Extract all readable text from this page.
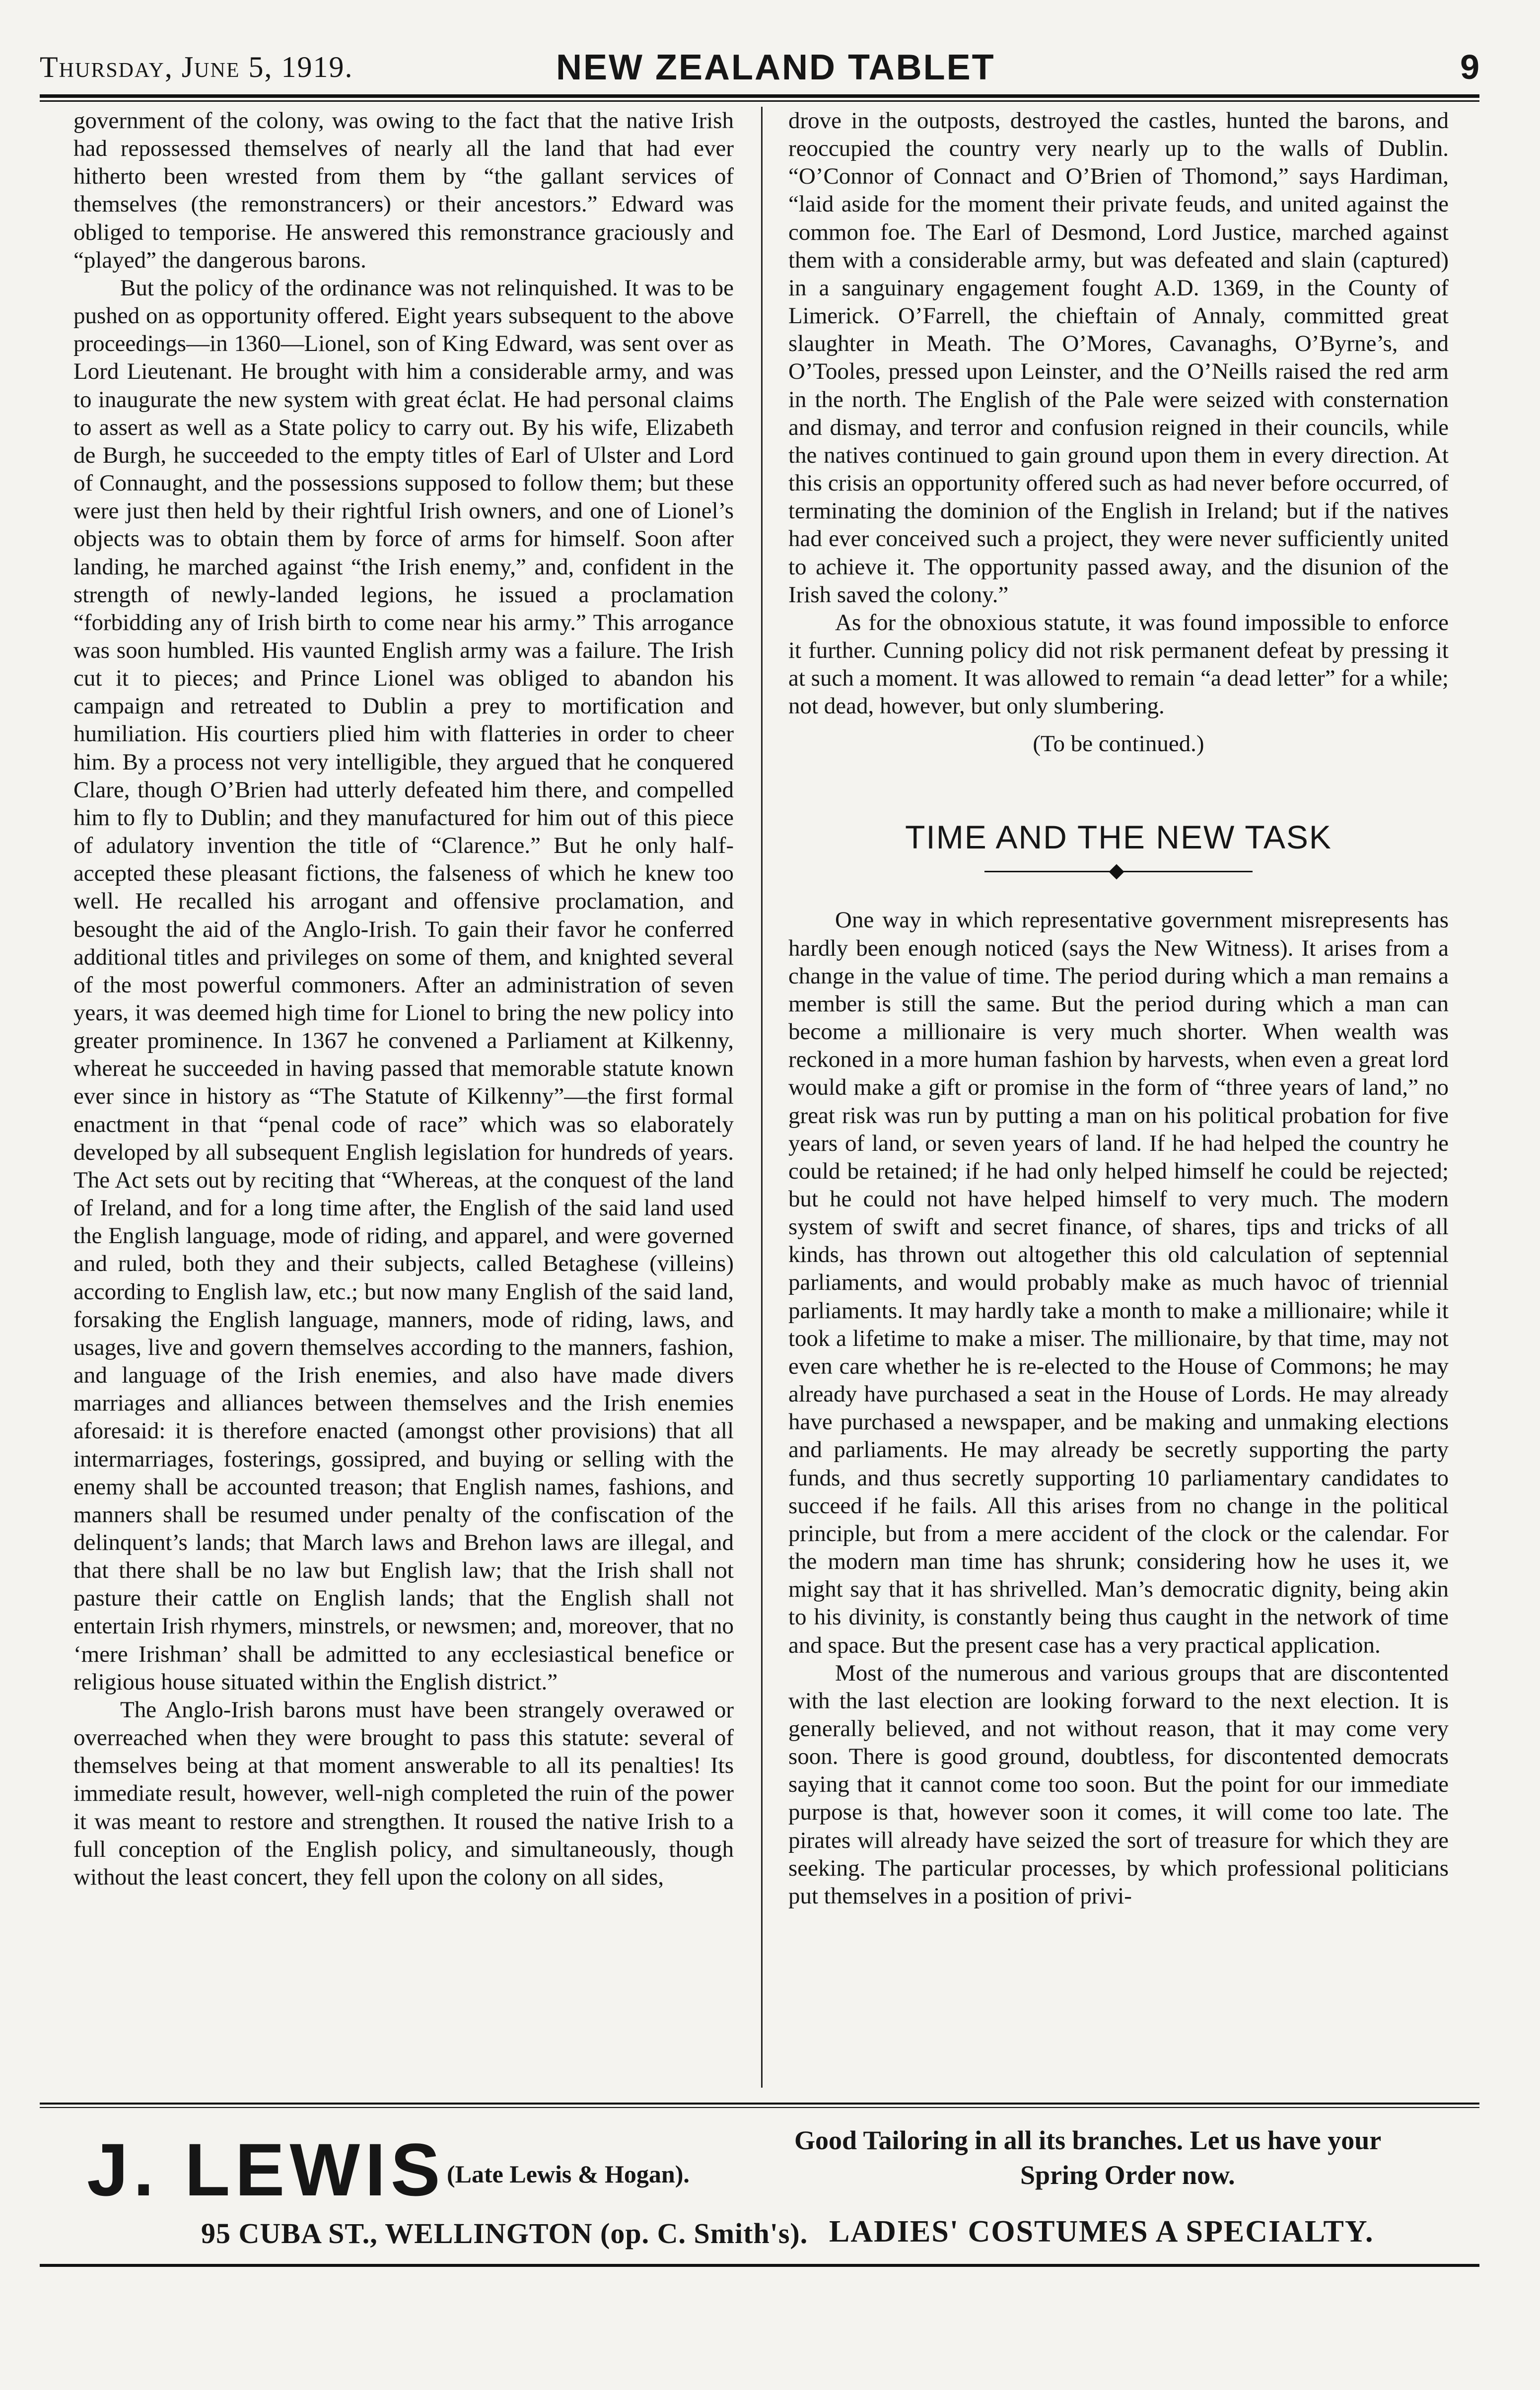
Thursday, June 5, 1919.	NEW ZEALAND TABLET	9

government of the colony, was owing to the fact that the native Irish had repossessed themselves of nearly all the land that had ever hitherto been wrested from them by “the gallant services of themselves (the remonstrancers) or their ancestors.” Edward was obliged to temporise. He answered this remonstrance graciously and “played” the dangerous barons.

But the policy of the ordinance was not relinquished. It was to be pushed on as opportunity offered. Eight years subsequent to the above proceedings—in 1360—Lionel, son of King Edward, was sent over as Lord Lieutenant. He brought with him a considerable army, and was to inaugurate the new system with great éclat. He had personal claims to assert as well as a State policy to carry out. By his wife, Elizabeth de Burgh, he succeeded to the empty titles of Earl of Ulster and Lord of Connaught, and the possessions supposed to follow them; but these were just then held by their rightful Irish owners, and one of Lionel’s objects was to obtain them by force of arms for himself. Soon after landing, he marched against “the Irish enemy,” and, confident in the strength of newly-landed legions, he issued a proclamation “forbidding any of Irish birth to come near his army.” This arrogance was soon humbled. His vaunted English army was a failure. The Irish cut it to pieces; and Prince Lionel was obliged to abandon his campaign and retreated to Dublin a prey to mortification and humiliation. His courtiers plied him with flatteries in order to cheer him. By a process not very intelligible, they argued that he conquered Clare, though O’Brien had utterly defeated him there, and compelled him to fly to Dublin; and they manufactured for him out of this piece of adulatory invention the title of “Clarence.” But he only half-accepted these pleasant fictions, the falseness of which he knew too well. He recalled his arrogant and offensive proclamation, and besought the aid of the Anglo-Irish. To gain their favor he conferred additional titles and privileges on some of them, and knighted several of the most powerful commoners. After an administration of seven years, it was deemed high time for Lionel to bring the new policy into greater prominence. In 1367 he convened a Parliament at Kilkenny, whereat he succeeded in having passed that memorable statute known ever since in history as “The Statute of Kilkenny”—the first formal enactment in that “penal code of race” which was so elaborately developed by all subsequent English legislation for hundreds of years. The Act sets out by reciting that “Whereas, at the conquest of the land of Ireland, and for a long time after, the English of the said land used the English language, mode of riding, and apparel, and were governed and ruled, both they and their subjects, called Betaghese (villeins) according to English law, etc.; but now many English of the said land, forsaking the English language, manners, mode of riding, laws, and usages, live and govern themselves according to the manners, fashion, and language of the Irish enemies, and also have made divers marriages and alliances between themselves and the Irish enemies aforesaid: it is therefore enacted (amongst other provisions) that all intermarriages, fosterings, gossipred, and buying or selling with the enemy shall be accounted treason; that English names, fashions, and manners shall be resumed under penalty of the confiscation of the delinquent’s lands; that March laws and Brehon laws are illegal, and that there shall be no law but English law; that the Irish shall not pasture their cattle on English lands; that the English shall not entertain Irish rhymers, minstrels, or newsmen; and, moreover, that no ‘mere Irishman’ shall be admitted to any ecclesiastical benefice or religious house situated within the English district.”

The Anglo-Irish barons must have been strangely overawed or overreached when they were brought to pass this statute: several of themselves being at that moment answerable to all its penalties! Its immediate result, however, well-nigh completed the ruin of the power it was meant to restore and strengthen. It roused the native Irish to a full conception of the English policy, and simultaneously, though without the least concert, they fell upon the colony on all sides,

drove in the outposts, destroyed the castles, hunted the barons, and reoccupied the country very nearly up to the walls of Dublin. “O’Connor of Connact and O’Brien of Thomond,” says Hardiman, “laid aside for the moment their private feuds, and united against the common foe. The Earl of Desmond, Lord Justice, marched against them with a considerable army, but was defeated and slain (captured) in a sanguinary engagement fought A.D. 1369, in the County of Limerick. O’Farrell, the chieftain of Annaly, committed great slaughter in Meath. The O’Mores, Cavanaghs, O’Byrne’s, and O’Tooles, pressed upon Leinster, and the O’Neills raised the red arm in the north. The English of the Pale were seized with consternation and dismay, and terror and confusion reigned in their councils, while the natives continued to gain ground upon them in every direction. At this crisis an opportunity offered such as had never before occurred, of terminating the dominion of the English in Ireland; but if the natives had ever conceived such a project, they were never sufficiently united to achieve it. The opportunity passed away, and the disunion of the Irish saved the colony.”

As for the obnoxious statute, it was found impossible to enforce it further. Cunning policy did not risk permanent defeat by pressing it at such a moment. It was allowed to remain “a dead letter” for a while; not dead, however, but only slumbering.

(To be continued.)

TIME AND THE NEW TASK

One way in which representative government misrepresents has hardly been enough noticed (says the New Witness). It arises from a change in the value of time. The period during which a man remains a member is still the same. But the period during which a man can become a millionaire is very much shorter. When wealth was reckoned in a more human fashion by harvests, when even a great lord would make a gift or promise in the form of “three years of land,” no great risk was run by putting a man on his political probation for five years of land, or seven years of land. If he had helped the country he could be retained; if he had only helped himself he could be rejected; but he could not have helped himself to very much. The modern system of swift and secret finance, of shares, tips and tricks of all kinds, has thrown out altogether this old calculation of septennial parliaments, and would probably make as much havoc of triennial parliaments. It may hardly take a month to make a millionaire; while it took a lifetime to make a miser. The millionaire, by that time, may not even care whether he is re-elected to the House of Commons; he may already have purchased a seat in the House of Lords. He may already have purchased a newspaper, and be making and unmaking elections and parliaments. He may already be secretly supporting the party funds, and thus secretly supporting 10 parliamentary candidates to succeed if he fails. All this arises from no change in the political principle, but from a mere accident of the clock or the calendar. For the modern man time has shrunk; considering how he uses it, we might say that it has shrivelled. Man’s democratic dignity, being akin to his divinity, is constantly being thus caught in the network of time and space. But the present case has a very practical application.

Most of the numerous and various groups that are discontented with the last election are looking forward to the next election. It is generally believed, and not without reason, that it may come very soon. There is good ground, doubtless, for discontented democrats saying that it cannot come too soon. But the point for our immediate purpose is that, however soon it comes, it will come too late. The pirates will already have seized the sort of treasure for which they are seeking. The particular processes, by which professional politicians put themselves in a position of privi-

J. LEWIS (Late Lewis & Hogan).
95 CUBA ST., WELLINGTON (op. C. Smith's).
Good Tailoring in all its branches. Let us have your
Spring Order now.
LADIES' COSTUMES A SPECIALTY.
